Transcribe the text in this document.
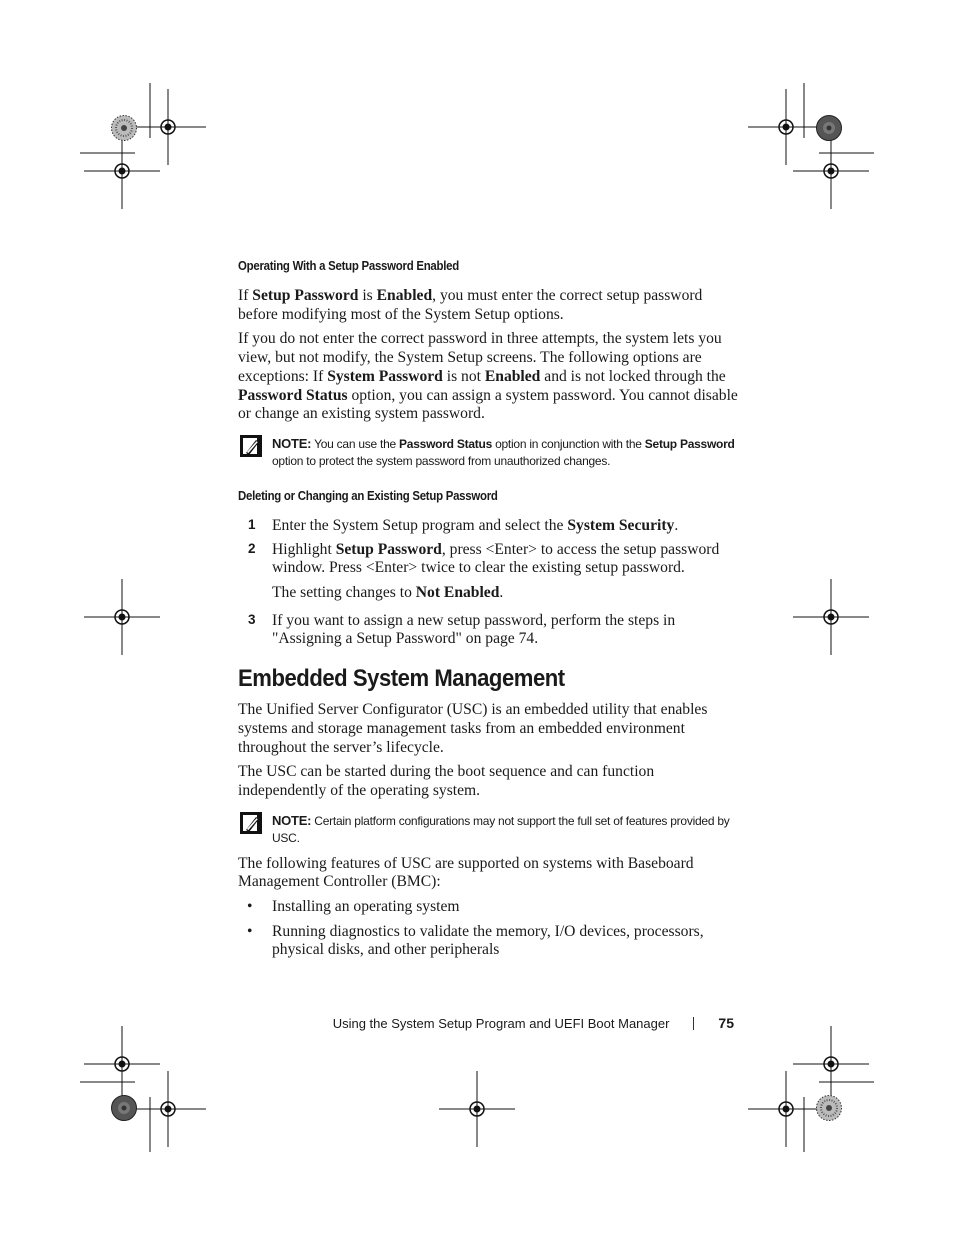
Operating With a Setup Password Enabled

If Setup Password is Enabled, you must enter the correct setup password before modifying most of the System Setup options.

If you do not enter the correct password in three attempts, the system lets you view, but not modify, the System Setup screens. The following options are exceptions: If System Password is not Enabled and is not locked through the Password Status option, you can assign a system password. You cannot disable or change an existing system password.

NOTE: You can use the Password Status option in conjunction with the Setup Password option to protect the system password from unauthorized changes.
Deleting or Changing an Existing Setup Password
1 Enter the System Setup program and select the System Security.

2 Highlight Setup Password, press <Enter> to access the setup password window. Press <Enter> twice to clear the existing setup password.

The setting changes to Not Enabled.

3 If you want to assign a new setup password, perform the steps in "Assigning a Setup Password" on page 74.

Embedded System Management

The Unified Server Configurator (USC) is an embedded utility that enables systems and storage management tasks from an embedded environment throughout the server’s lifecycle.

The USC can be started during the boot sequence and can function independently of the operating system.

NOTE: Certain platform configurations may not support the full set of features provided by USC.

The following features of USC are supported on systems with Baseboard Management Controller (BMC):

• Installing an operating system

• Running diagnostics to validate the memory, I/O devices, processors, physical disks, and other peripherals

Using the System Setup Program and UEFI Boot Manager	75
